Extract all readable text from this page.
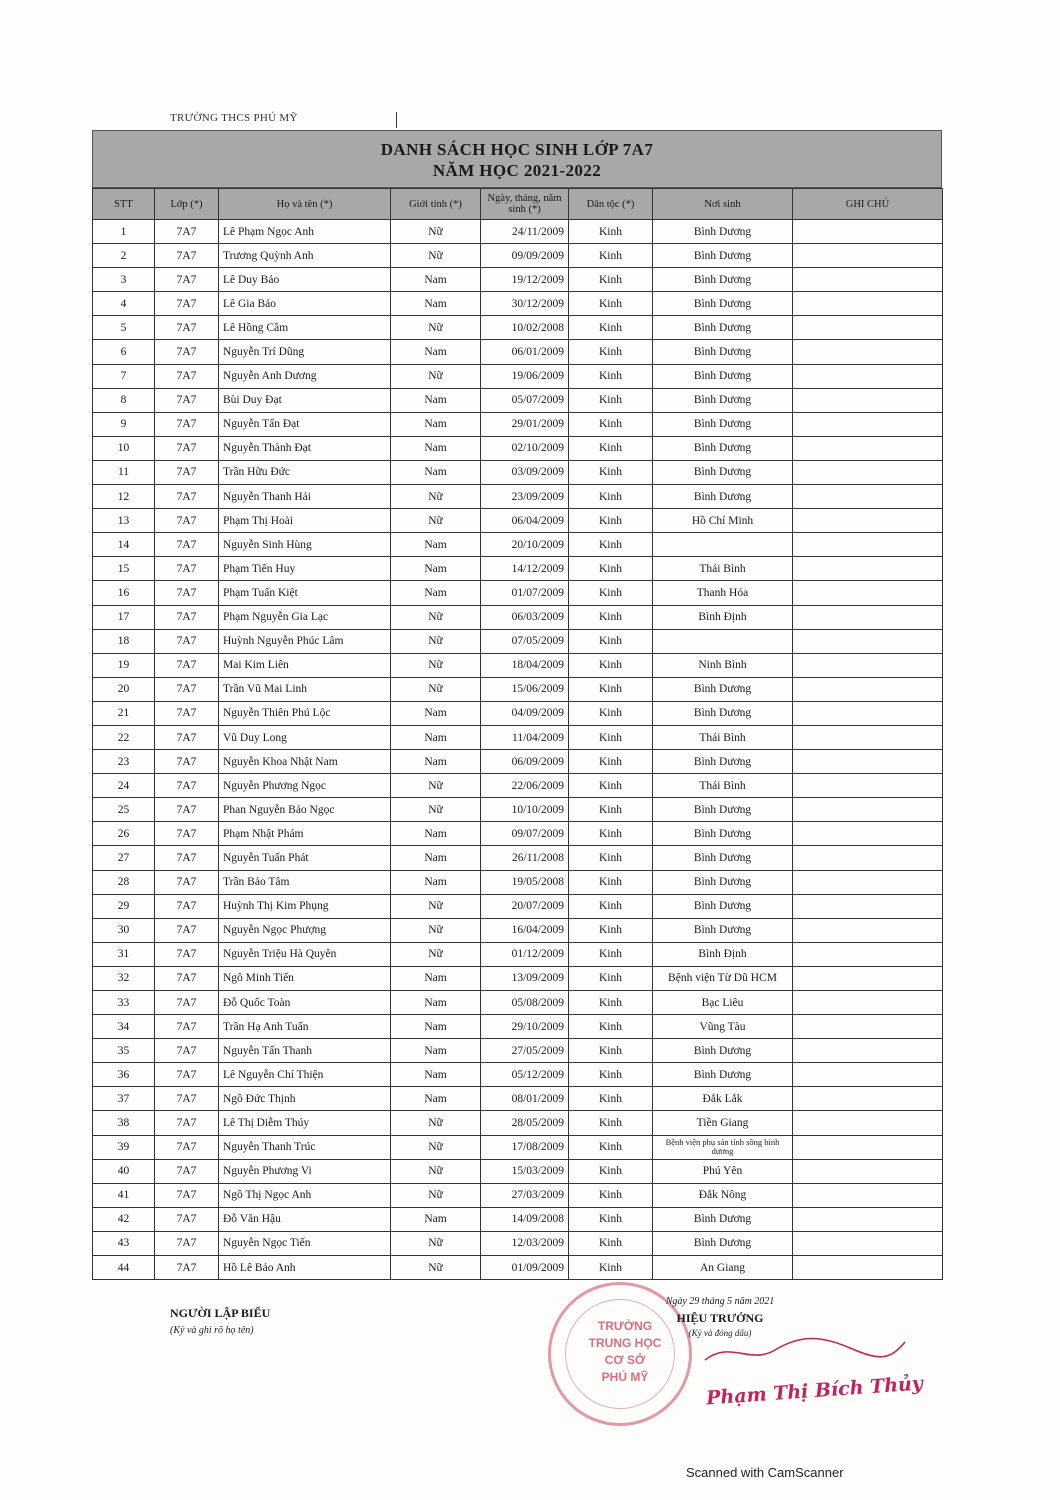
TRƯỜNG THCS PHÚ MỸ
DANH SÁCH HỌC SINH LỚP 7A7
NĂM HỌC 2021-2022
STT	Lớp (*)	Họ và tên (*)	Giới tính (*)	Ngày, tháng, năm sinh (*)	Dân tộc (*)	Nơi sinh	GHI CHÚ
1	7A7	Lê Phạm Ngọc Anh	Nữ	24/11/2009	Kinh	Bình Dương	
2	7A7	Trương Quỳnh Anh	Nữ	09/09/2009	Kinh	Bình Dương	
3	7A7	Lê Duy Bảo	Nam	19/12/2009	Kinh	Bình Dương	
4	7A7	Lê Gia Bảo	Nam	30/12/2009	Kinh	Bình Dương	
5	7A7	Lê Hồng Cầm	Nữ	10/02/2008	Kinh	Bình Dương	
6	7A7	Nguyễn Trí Dũng	Nam	06/01/2009	Kinh	Bình Dương	
7	7A7	Nguyễn Anh Dương	Nữ	19/06/2009	Kinh	Bình Dương	
8	7A7	Bùi Duy Đạt	Nam	05/07/2009	Kinh	Bình Dương	
9	7A7	Nguyễn Tấn Đạt	Nam	29/01/2009	Kinh	Bình Dương	
10	7A7	Nguyễn Thành Đạt	Nam	02/10/2009	Kinh	Bình Dương	
11	7A7	Trần Hữu Đức	Nam	03/09/2009	Kinh	Bình Dương	
12	7A7	Nguyễn Thanh Hải	Nữ	23/09/2009	Kinh	Bình Dương	
13	7A7	Phạm Thị Hoài	Nữ	06/04/2009	Kinh	Hồ Chí Minh	
14	7A7	Nguyễn Sinh Hùng	Nam	20/10/2009	Kinh		
15	7A7	Phạm Tiến Huy	Nam	14/12/2009	Kinh	Thái Bình	
16	7A7	Phạm Tuấn Kiệt	Nam	01/07/2009	Kinh	Thanh Hóa	
17	7A7	Phạm Nguyễn Gia Lạc	Nữ	06/03/2009	Kinh	Bình Định	
18	7A7	Huỳnh Nguyễn Phúc Lâm	Nữ	07/05/2009	Kinh		
19	7A7	Mai Kim Liên	Nữ	18/04/2009	Kinh	Ninh Bình	
20	7A7	Trần Vũ Mai Linh	Nữ	15/06/2009	Kinh	Bình Dương	
21	7A7	Nguyễn Thiên Phú Lộc	Nam	04/09/2009	Kinh	Bình Dương	
22	7A7	Vũ Duy Long	Nam	11/04/2009	Kinh	Thái Bình	
23	7A7	Nguyễn Khoa Nhật Nam	Nam	06/09/2009	Kinh	Bình Dương	
24	7A7	Nguyễn Phương Ngọc	Nữ	22/06/2009	Kinh	Thái Bình	
25	7A7	Phan Nguyễn Bảo Ngọc	Nữ	10/10/2009	Kinh	Bình Dương	
26	7A7	Phạm Nhật Phám	Nam	09/07/2009	Kinh	Bình Dương	
27	7A7	Nguyễn Tuấn Phát	Nam	26/11/2008	Kinh	Bình Dương	
28	7A7	Trần Bảo Tâm	Nam	19/05/2008	Kinh	Bình Dương	
29	7A7	Huỳnh Thị Kim Phụng	Nữ	20/07/2009	Kinh	Bình Dương	
30	7A7	Nguyễn Ngọc Phượng	Nữ	16/04/2009	Kinh	Bình Dương	
31	7A7	Nguyễn Triệu Hà Quyên	Nữ	01/12/2009	Kinh	Bình Định	
32	7A7	Ngô Minh Tiến	Nam	13/09/2009	Kinh	Bệnh viện Từ Dũ HCM	
33	7A7	Đỗ Quốc Toàn	Nam	05/08/2009	Kinh	Bạc Liêu	
34	7A7	Trần Hạ Anh Tuấn	Nam	29/10/2009	Kinh	Vũng Tàu	
35	7A7	Nguyễn Tấn Thanh	Nam	27/05/2009	Kinh	Bình Dương	
36	7A7	Lê Nguyễn Chí Thiện	Nam	05/12/2009	Kinh	Bình Dương	
37	7A7	Ngô Đức Thịnh	Nam	08/01/2009	Kinh	Đắk Lắk	
38	7A7	Lê Thị Diễm Thúy	Nữ	28/05/2009	Kinh	Tiền Giang	
39	7A7	Nguyễn Thanh Trúc	Nữ	17/08/2009	Kinh	Bệnh viện phụ sản tỉnh sông bình dương	
40	7A7	Nguyễn Phương Vi	Nữ	15/03/2009	Kinh	Phú Yên	
41	7A7	Ngô Thị Ngọc Anh	Nữ	27/03/2009	Kinh	Đắk Nông	
42	7A7	Đỗ Văn Hậu	Nam	14/09/2008	Kinh	Bình Dương	
43	7A7	Nguyễn Ngọc Tiến	Nữ	12/03/2009	Kinh	Bình Dương	
44	7A7	Hồ Lê Bảo Anh	Nữ	01/09/2009	Kinh	An Giang	
NGƯỜI LẬP BIỂU
(Ký và ghi rõ họ tên)	TRƯỜNG
TRUNG HỌC
CƠ SỞ
PHÚ MỸ
Ngày 29 tháng 5 năm 2021
HIỆU TRƯỞNG
(Ký và đóng dấu)
Phạm Thị Bích Thủy
Scanned with CamScanner
